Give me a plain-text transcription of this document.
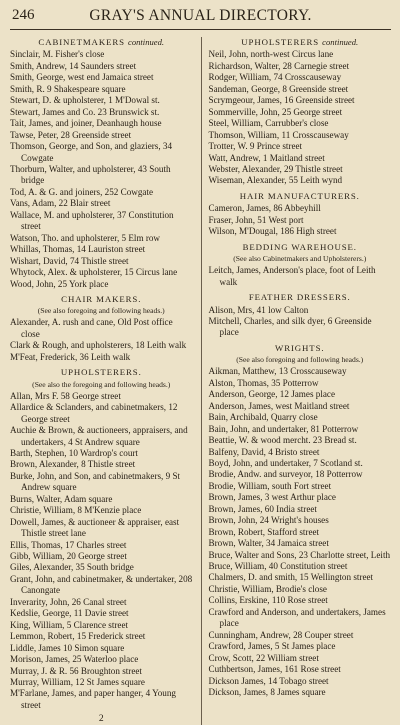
246	GRAY'S ANNUAL DIRECTORY.
CABINETMAKERS continued.
Sinclair, M. Fisher's close
Smith, Andrew, 14 Saunders street
Smith, George, west end Jamaica street
Smith, R. 9 Shakespeare square
Stewart, D. & upholsterer, 1 M'Dowal st.
Stewart, James and Co. 23 Brunswick st.
Tait, James, and joiner, Deanhaugh house
Tawse, Peter, 28 Greenside street
Thomson, George, and Son, and glaziers, 34 Cowgate
Thorburn, Walter, and upholsterer, 43 South bridge
Tod, A. & G. and joiners, 252 Cowgate
Vans, Adam, 22 Blair street
Wallace, M. and upholsterer, 37 Constitution street
Watson, Tho. and upholsterer, 5 Elm row
Whillas, Thomas, 14 Lauriston street
Wishart, David, 74 Thistle street
Whytock, Alex. & upholsterer, 15 Circus lane
Wood, John, 25 York place
CHAIR MAKERS.
(See also foregoing and following heads.)
Alexander, A. rush and cane, Old Post office close
Clark & Rough, and upholsterers, 18 Leith walk
M'Feat, Frederick, 36 Leith walk
UPHOLSTERERS.
(See also the foregoing and following heads.)
Allan, Mrs F. 58 George street
Allardice & Sclanders, and cabinetmakers, 12 George street
Auchie & Brown, & auctioneers, appraisers, and undertakers, 4 St Andrew square
Barth, Stephen, 10 Wardrop's court
Brown, Alexander, 8 Thistle street
Burke, John, and Son, and cabinetmakers, 9 St Andrew square
Burns, Walter, Adam square
Christie, William, 8 M'Kenzie place
Dowell, James, & auctioneer & appraiser, east Thistle street lane
Ellis, Thomas, 17 Charles street
Gibb, William, 20 George street
Giles, Alexander, 35 South bridge
Grant, John, and cabinetmaker, & undertaker, 208 Canongate
Inverarity, John, 26 Canal street
Kedslie, George, 11 Davie street
King, William, 5 Clarence street
Lemmon, Robert, 15 Frederick street
Liddle, James 10 Simon square
Morison, James, 25 Waterloo place
Murray, J. & R. 56 Broughton street
Murray, William, 12 St James square
M'Farlane, James, and paper hanger, 4 Young street
2
UPHOLSTERERS continued.
Neil, John, north-west Circus lane
Richardson, Walter, 28 Carnegie street
Rodger, William, 74 Crosscauseway
Sandeman, George, 8 Greenside street
Scrymgeour, James, 16 Greenside street
Sommerville, John, 25 George street
Steel, William, Carrubber's close
Thomson, William, 11 Crosscauseway
Trotter, W. 9 Prince street
Watt, Andrew, 1 Maitland street
Webster, Alexander, 29 Thistle street
Wiseman, Alexander, 55 Leith wynd
HAIR MANUFACTURERS.
Cameron, James, 86 Abbeyhill
Fraser, John, 51 West port
Wilson, M'Dougal, 186 High street
BEDDING WAREHOUSE.
(See also Cabinetmakers and Upholsterers.)
Leitch, James, Anderson's place, foot of Leith walk
FEATHER DRESSERS.
Alison, Mrs, 41 low Calton
Mitchell, Charles, and silk dyer, 6 Greenside place
WRIGHTS.
(See also foregoing and following heads.)
Aikman, Matthew, 13 Crosscauseway
Alston, Thomas, 35 Potterrow
Anderson, George, 12 James place
Anderson, James, west Maitland street
Bain, Archibald, Quarry close
Bain, John, and undertaker, 81 Potterrow
Beattie, W. & wood mercht. 23 Bread st.
Balfeny, David, 4 Bristo street
Boyd, John, and undertaker, 7 Scotland st.
Brodie, Andw. and surveyor, 18 Potterrow
Brodie, William, south Fort street
Brown, James, 3 west Arthur place
Brown, James, 60 India street
Brown, John, 24 Wright's houses
Brown, Robert, Stafford street
Brown, Walter, 34 Jamaica street
Bruce, Walter and Sons, 23 Charlotte street, Leith
Bruce, William, 40 Constitution street
Chalmers, D. and smith, 15 Wellington street
Christie, William, Brodie's close
Collins, Erskine, 110 Rose street
Crawford and Anderson, and undertakers, James place
Cunningham, Andrew, 28 Couper street
Crawford, James, 5 St James place
Crow, Scott, 22 William street
Cuthbertson, James, 161 Rose street
Dickson James, 14 Tobago street
Dickson, James, 8 James square
